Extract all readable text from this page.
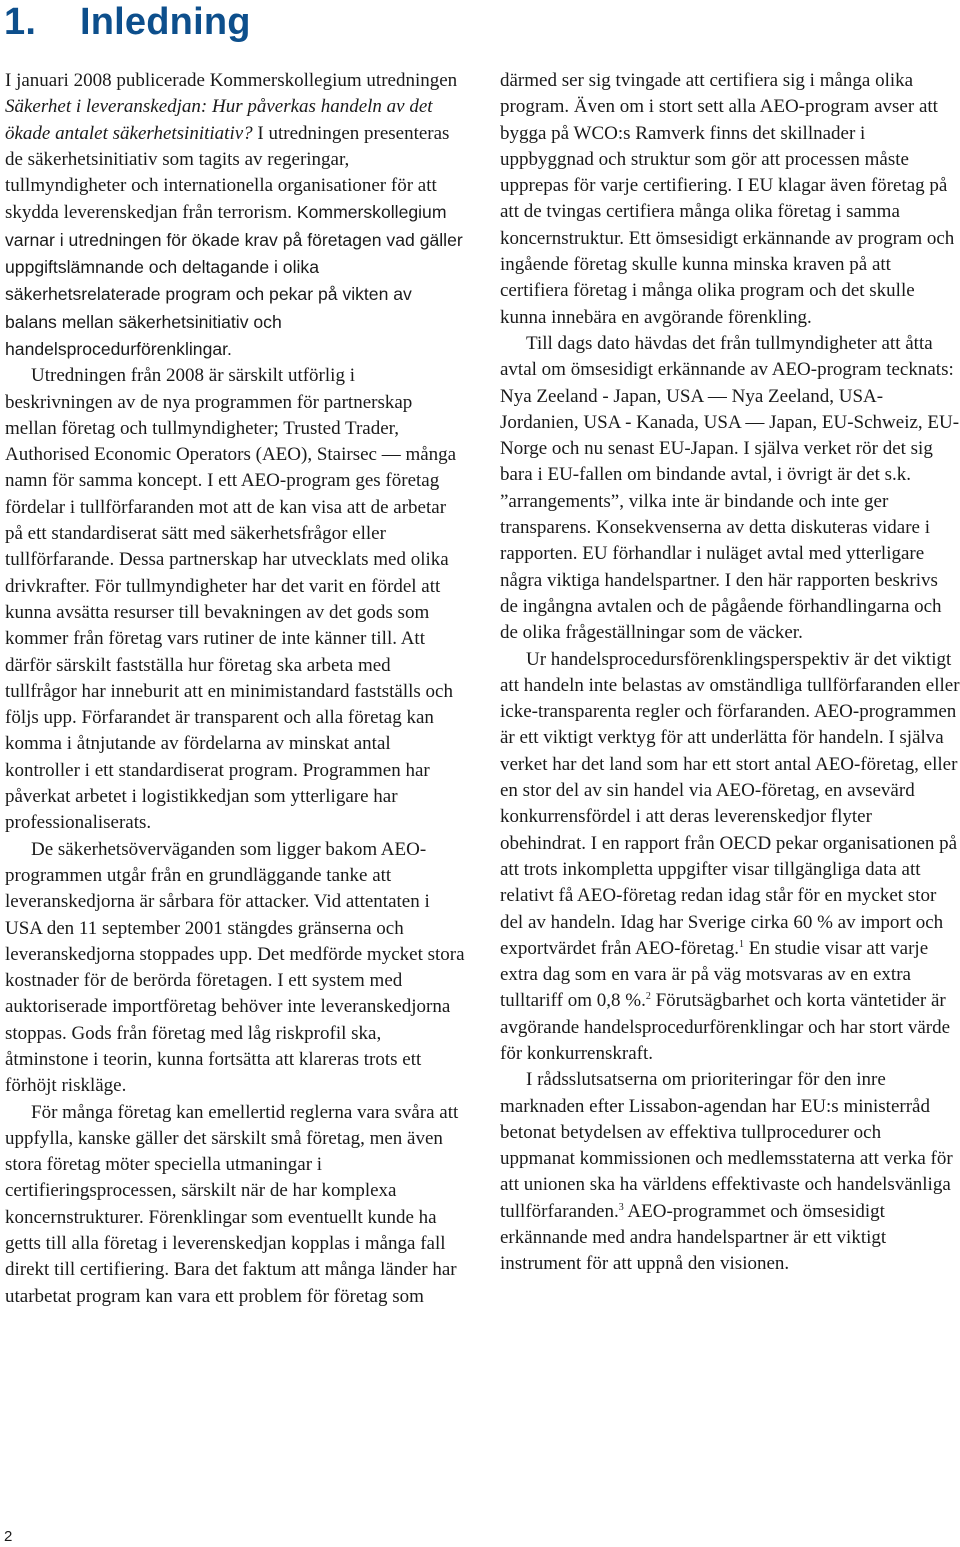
1. Inledning

I januari 2008 publicerade Kommerskollegium utredningen Säkerhet i leveranskedjan: Hur påverkas handeln av det ökade antalet säkerhetsinitiativ? I utredningen presenteras de säkerhetsinitiativ som tagits av regeringar, tullmyndigheter och internationella organisationer för att skydda leverenskedjan från terrorism. Kommerskollegium varnar i utredningen för ökade krav på företagen vad gäller uppgiftslämnande och deltagande i olika säkerhetsrelaterade program och pekar på vikten av balans mellan säkerhetsinitiativ och handelsprocedurförenklingar.

Utredningen från 2008 är särskilt utförlig i beskrivningen av de nya programmen för partnerskap mellan företag och tullmyndigheter; Trusted Trader, Authorised Economic Operators (AEO), Stairsec — många namn för samma koncept. I ett AEO-program ges företag fördelar i tullförfaranden mot att de kan visa att de arbetar på ett standardiserat sätt med säkerhetsfrågor eller tullförfarande. Dessa partnerskap har utvecklats med olika drivkrafter. För tullmyndigheter har det varit en fördel att kunna avsätta resurser till bevakningen av det gods som kommer från företag vars rutiner de inte känner till. Att därför särskilt fastställa hur företag ska arbeta med tullfrågor har inneburit att en minimistandard fastställs och följs upp. Förfarandet är transparent och alla företag kan komma i åtnjutande av fördelarna av minskat antal kontroller i ett standardiserat program. Programmen har påverkat arbetet i logistikkedjan som ytterligare har professionaliserats.

De säkerhetsöverväganden som ligger bakom AEO-programmen utgår från en grundläggande tanke att leveranskedjorna är sårbara för attacker. Vid attentaten i USA den 11 september 2001 stängdes gränserna och leveranskedjorna stoppades upp. Det medförde mycket stora kostnader för de berörda företagen. I ett system med auktoriserade importföretag behöver inte leveranskedjorna stoppas. Gods från företag med låg riskprofil ska, åtminstone i teorin, kunna fortsätta att klareras trots ett förhöjt riskläge.

För många företag kan emellertid reglerna vara svåra att uppfylla, kanske gäller det särskilt små företag, men även stora företag möter speciella utmaningar i certifieringsprocessen, särskilt när de har komplexa koncernstrukturer. Förenklingar som eventuellt kunde ha getts till alla företag i leverenskedjan kopplas i många fall direkt till certifiering. Bara det faktum att många länder har utarbetat program kan vara ett problem för företag som

därmed ser sig tvingade att certifiera sig i många olika program. Även om i stort sett alla AEO-program avser att bygga på WCO:s Ramverk finns det skillnader i uppbyggnad och struktur som gör att processen måste upprepas för varje certifiering. I EU klagar även företag på att de tvingas certifiera många olika företag i samma koncernstruktur. Ett ömsesidigt erkännande av program och ingående företag skulle kunna minska kraven på att certifiera företag i många olika program och det skulle kunna innebära en avgörande förenkling.

Till dags dato hävdas det från tullmyndigheter att åtta avtal om ömsesidigt erkännande av AEO-program tecknats: Nya Zeeland - Japan, USA — Nya Zeeland, USA- Jordanien, USA - Kanada, USA — Japan, EU-Schweiz, EU-Norge och nu senast EU-Japan. I själva verket rör det sig bara i EU-fallen om bindande avtal, i övrigt är det s.k. ”arrangements”, vilka inte är bindande och inte ger transparens. Konsekvenserna av detta diskuteras vidare i rapporten. EU förhandlar i nuläget avtal med ytterligare några viktiga handelspartner. I den här rapporten beskrivs de ingångna avtalen och de pågående förhandlingarna och de olika frågeställningar som de väcker.

Ur handelsprocedursförenklingsperspektiv är det viktigt att handeln inte belastas av omständliga tullförfaranden eller icke-transparenta regler och förfaranden. AEO-programmen är ett viktigt verktyg för att underlätta för handeln. I själva verket har det land som har ett stort antal AEO-företag, eller en stor del av sin handel via AEO-företag, en avsevärd konkurrensfördel i att deras leverenskedjor flyter obehindrat. I en rapport från OECD pekar organisationen på att trots inkompletta uppgifter visar tillgängliga data att relativt få AEO-företag redan idag står för en mycket stor del av handeln. Idag har Sverige cirka 60 % av import och exportvärdet från AEO-företag.$^1$ En studie visar att varje extra dag som en vara är på väg motsvaras av en extra tulltariff om 0,8 %.$^2$ Förutsägbarhet och korta väntetider är avgörande handelsprocedurförenklingar och har stort värde för konkurrenskraft.

I rådsslutsatserna om prioriteringar för den inre marknaden efter Lissabon-agendan har EU:s ministerråd betonat betydelsen av effektiva tullprocedurer och uppmanat kommissionen och medlemsstaterna att verka för att unionen ska ha världens effektivaste och handelsvänliga tullförfaranden.$^3$ AEO-programmet och ömsesidigt erkännande med andra handelspartner är ett viktigt instrument för att uppnå den visionen.

2
